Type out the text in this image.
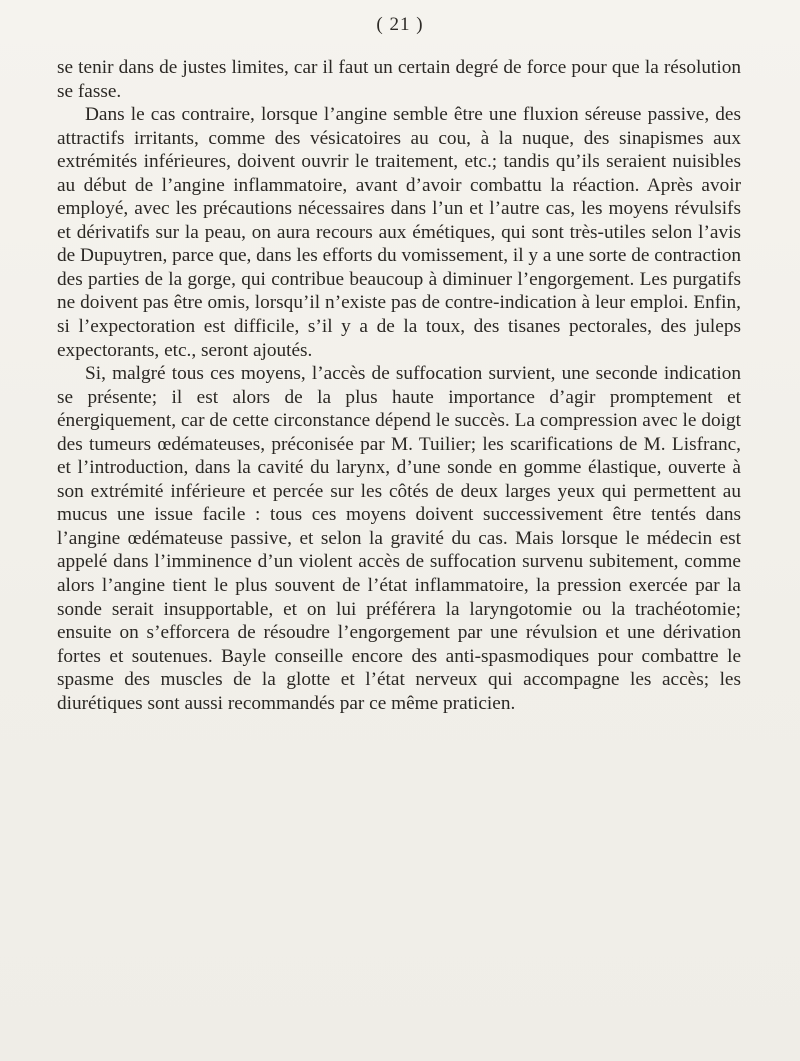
( 21 )

se tenir dans de justes limites, car il faut un certain degré de force pour que la résolution se fasse.

Dans le cas contraire, lorsque l’angine semble être une fluxion séreuse passive, des attractifs irritants, comme des vésicatoires au cou, à la nuque, des sinapismes aux extrémités inférieures, doivent ouvrir le traitement, etc.; tandis qu’ils seraient nuisibles au début de l’angine inflammatoire, avant d’avoir combattu la réaction. Après avoir employé, avec les précautions nécessaires dans l’un et l’autre cas, les moyens révulsifs et dérivatifs sur la peau, on aura recours aux émétiques, qui sont très-utiles selon l’avis de Dupuytren, parce que, dans les efforts du vomissement, il y a une sorte de contraction des parties de la gorge, qui contribue beaucoup à diminuer l’engorgement. Les purgatifs ne doivent pas être omis, lorsqu’il n’existe pas de contre-indication à leur emploi. Enfin, si l’expectoration est difficile, s’il y a de la toux, des tisanes pectorales, des juleps expectorants, etc., seront ajoutés.

Si, malgré tous ces moyens, l’accès de suffocation survient, une seconde indication se présente; il est alors de la plus haute importance d’agir promptement et énergiquement, car de cette circonstance dépend le succès. La compression avec le doigt des tumeurs œdémateuses, préconisée par M. Tuilier; les scarifications de M. Lisfranc, et l’introduction, dans la cavité du larynx, d’une sonde en gomme élastique, ouverte à son extrémité inférieure et percée sur les côtés de deux larges yeux qui permettent au mucus une issue facile : tous ces moyens doivent successivement être tentés dans l’angine œdémateuse passive, et selon la gravité du cas. Mais lorsque le médecin est appelé dans l’imminence d’un violent accès de suffocation survenu subitement, comme alors l’angine tient le plus souvent de l’état inflammatoire, la pression exercée par la sonde serait insupportable, et on lui préférera la laryngotomie ou la trachéotomie; ensuite on s’efforcera de résoudre l’engorgement par une révulsion et une dérivation fortes et soutenues. Bayle conseille encore des anti-spasmodiques pour combattre le spasme des muscles de la glotte et l’état nerveux qui accompagne les accès; les diurétiques sont aussi recommandés par ce même praticien.
